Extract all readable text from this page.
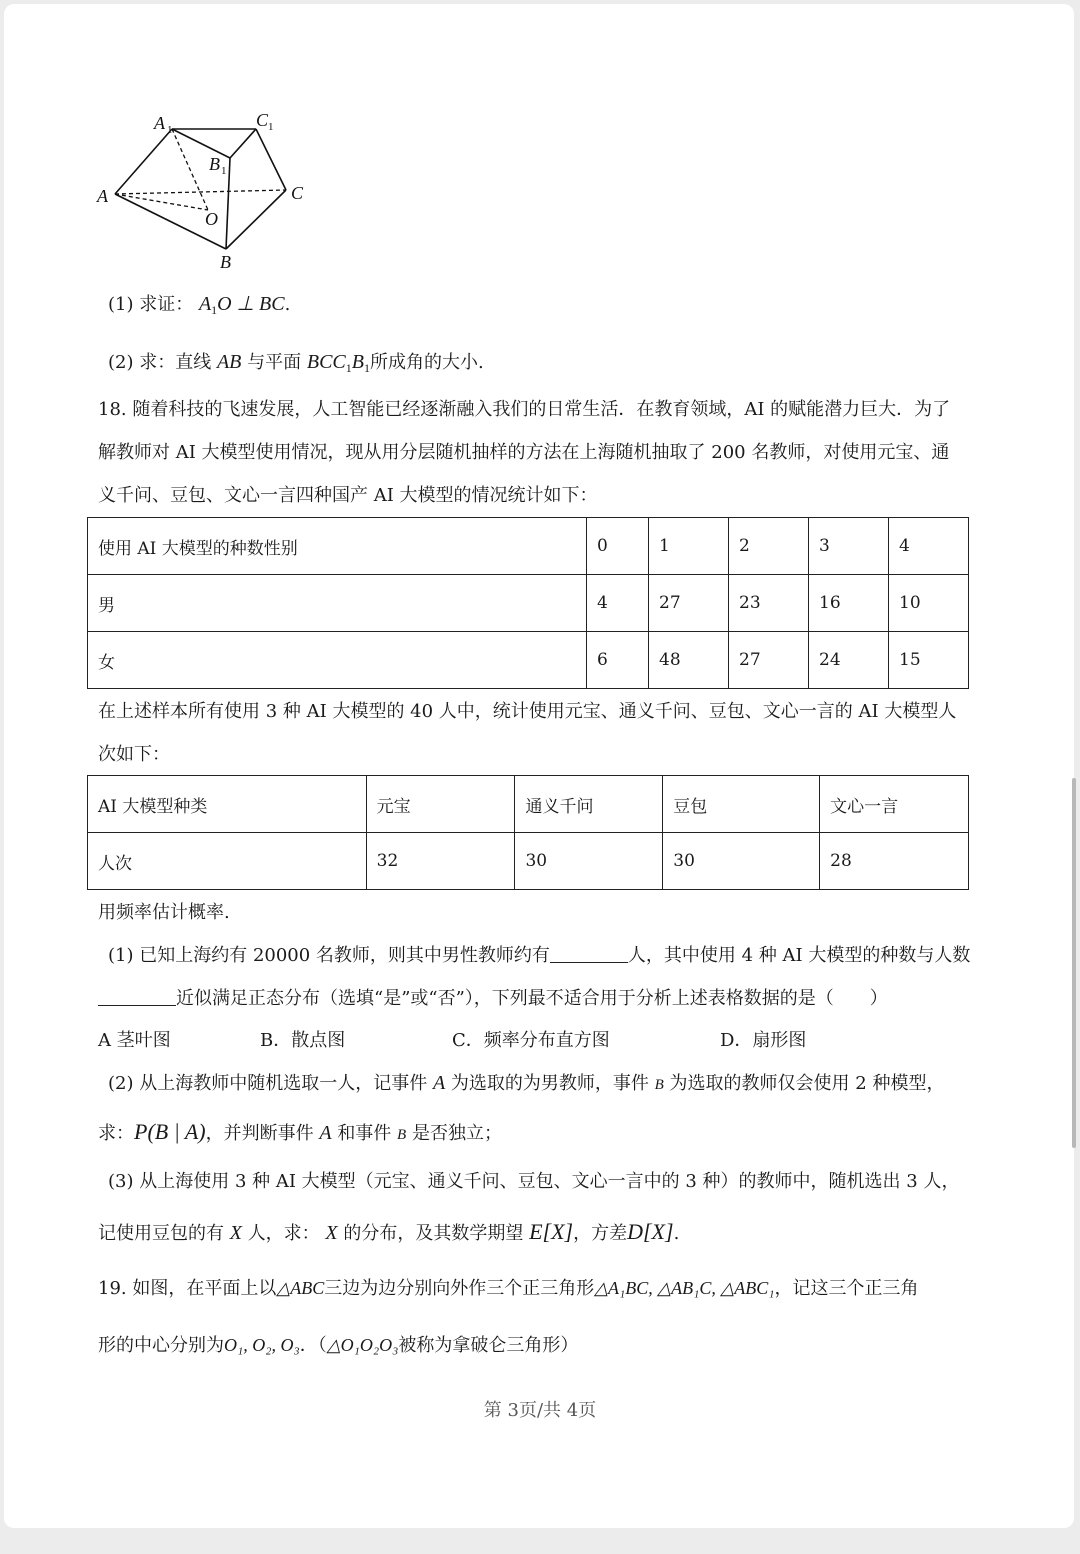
A 1	C 1
B 1
A	C
O
B
(1) 求证： $A_1O$ ⊥ BC.
(2) 求：直线 AB 与平面 $BCC_1B_1$所成角的大小.
18. 随着科技的飞速发展，人工智能已经逐渐融入我们的日常生活．在教育领域，AI 的赋能潜力巨大．为了
解教师对 AI 大模型使用情况，现从用分层随机抽样的方法在上海随机抽取了 200 名教师，对使用元宝、通
义千问、豆包、文心一言四种国产 AI 大模型的情况统计如下：
使用 AI 大模型的种数性别	0	1	2	3	4
男	4	27	23	16	10
女	6	48	27	24	15
在上述样本所有使用 3 种 AI 大模型的 40 人中，统计使用元宝、通义千问、豆包、文心一言的 AI 大模型人
次如下：
AI 大模型种类	元宝	通义千问	豆包	文心一言
人次	32	30	30	28
用频率估计概率.
(1) 已知上海约有 20000 名教师，则其中男性教师约有	人，其中使用 4 种 AI 大模型的种数与人数
近似满足正态分布（选填“是”或“否”），下列最不适合用于分析上述表格数据的是（　　）
A 茎叶图	B．散点图	C．频率分布直方图	D．扇形图
(2) 从上海教师中随机选取一人，记事件 A 为选取的为男教师，事件 B 为选取的教师仅会使用 2 种模型，
求：P(B | A)，并判断事件 A 和事件 B 是否独立；
(3) 从上海使用 3 种 AI 大模型（元宝、通义千问、豆包、文心一言中的 3 种）的教师中，随机选出 3 人，
记使用豆包的有 X 人，求： X 的分布，及其数学期望 E[X]，方差D[X].
19. 如图，在平面上以△ABC三边为边分别向外作三个正三角形△A₁BC, △AB₁C, △ABC₁，记这三个正三角
形的中心分别为O₁, O₂, O₃．（△O₁O₂O₃被称为拿破仑三角形）
第 3页/共 4页
